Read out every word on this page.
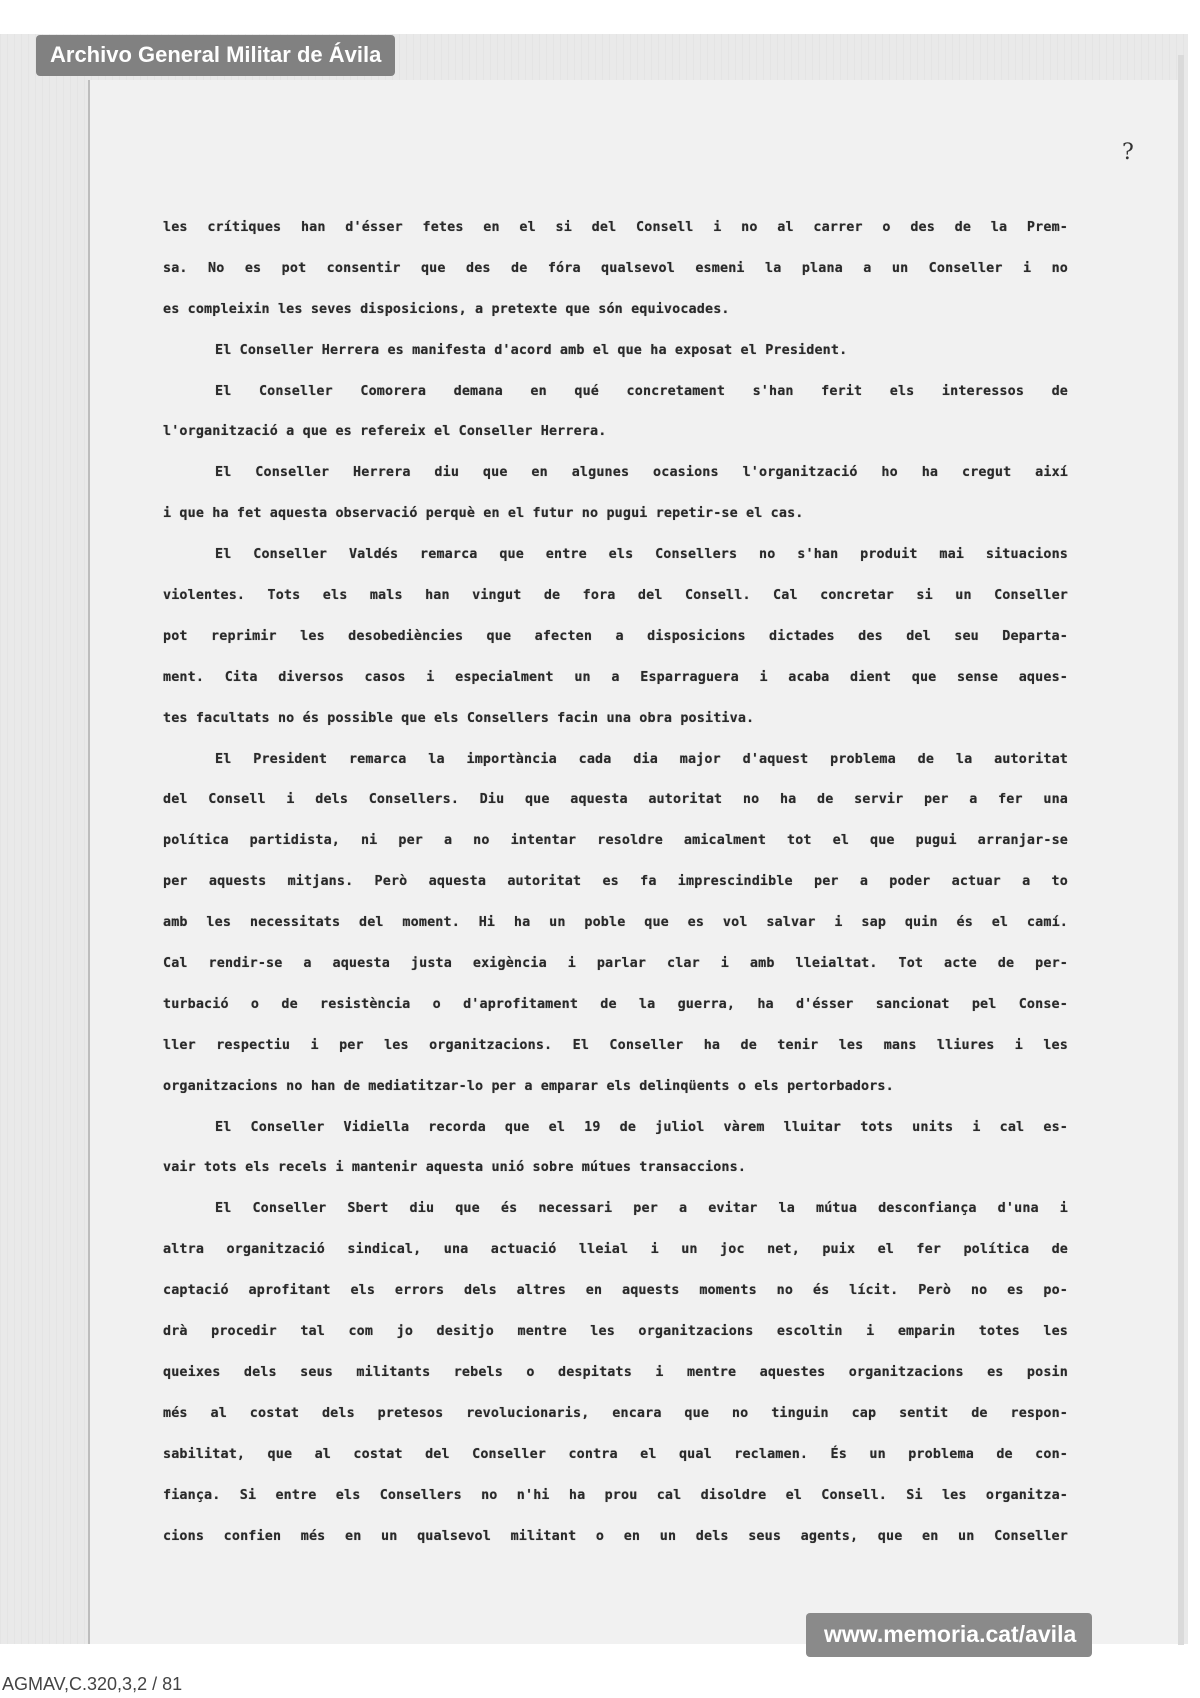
Archivo General Militar de Ávila
?
les crítiques han d'ésser fetes en el si del Consell i no al carrer o des de la Prem-
sa. No es pot consentir que des de fóra qualsevol esmeni la plana a un Conseller i no
es compleixin les seves disposicions, a pretexte que són equivocades.
El Conseller Herrera es manifesta d'acord amb el que ha exposat el President.
El Conseller Comorera demana en qué concretament s'han ferit els interessos de
l'organització a que es refereix el Conseller Herrera.
El Conseller Herrera diu que en algunes ocasions l'organització ho ha cregut així
i que ha fet aquesta observació perquè en el futur no pugui repetir-se el cas.
El Conseller Valdés remarca que entre els Consellers no s'han produit mai situacions
violentes. Tots els mals han vingut de fora del Consell. Cal concretar si un Conseller
pot reprimir les desobediències que afecten a disposicions dictades des del seu Departa-
ment. Cita diversos casos i especialment un a Esparraguera i acaba dient que sense aques-
tes facultats no és possible que els Consellers facin una obra positiva.
El President remarca la importància cada dia major d'aquest problema de la autoritat
del Consell i dels Consellers. Diu que aquesta autoritat no ha de servir per a fer una
política partidista, ni per a no intentar resoldre amicalment tot el que pugui arranjar-se
per aquests mitjans. Però aquesta autoritat es fa imprescindible per a poder actuar a to
amb les necessitats del moment. Hi ha un poble que es vol salvar i sap quin és el camí.
Cal rendir-se a aquesta justa exigència i parlar clar i amb lleialtat. Tot acte de per-
turbació o de resistència o d'aprofitament de la guerra, ha d'ésser sancionat pel Conse-
ller respectiu i per les organitzacions. El Conseller ha de tenir les mans lliures i les
organitzacions no han de mediatitzar-lo per a emparar els delinqüents o els pertorbadors.
El Conseller Vidiella recorda que el 19 de juliol vàrem lluitar tots units i cal es-
vair tots els recels i mantenir aquesta unió sobre mútues transaccions.
El Conseller Sbert diu que és necessari per a evitar la mútua desconfiança d'una i
altra organització sindical, una actuació lleial i un joc net, puix el fer política de
captació aprofitant els errors dels altres en aquests moments no és lícit. Però no es po-
drà procedir tal com jo desitjo mentre les organitzacions escoltin i emparin totes les
queixes dels seus militants rebels o despitats i mentre aquestes organitzacions es posin
més al costat dels pretesos revolucionaris, encara que no tinguin cap sentit de respon-
sabilitat, que al costat del Conseller contra el qual reclamen. És un problema de con-
fiança. Si entre els Consellers no n'hi ha prou cal disoldre el Consell. Si les organitza-
cions confien més en un qualsevol militant o en un dels seus agents, que en un Conseller
www.memoria.cat/avila
AGMAV,C.320,3,2 / 81
